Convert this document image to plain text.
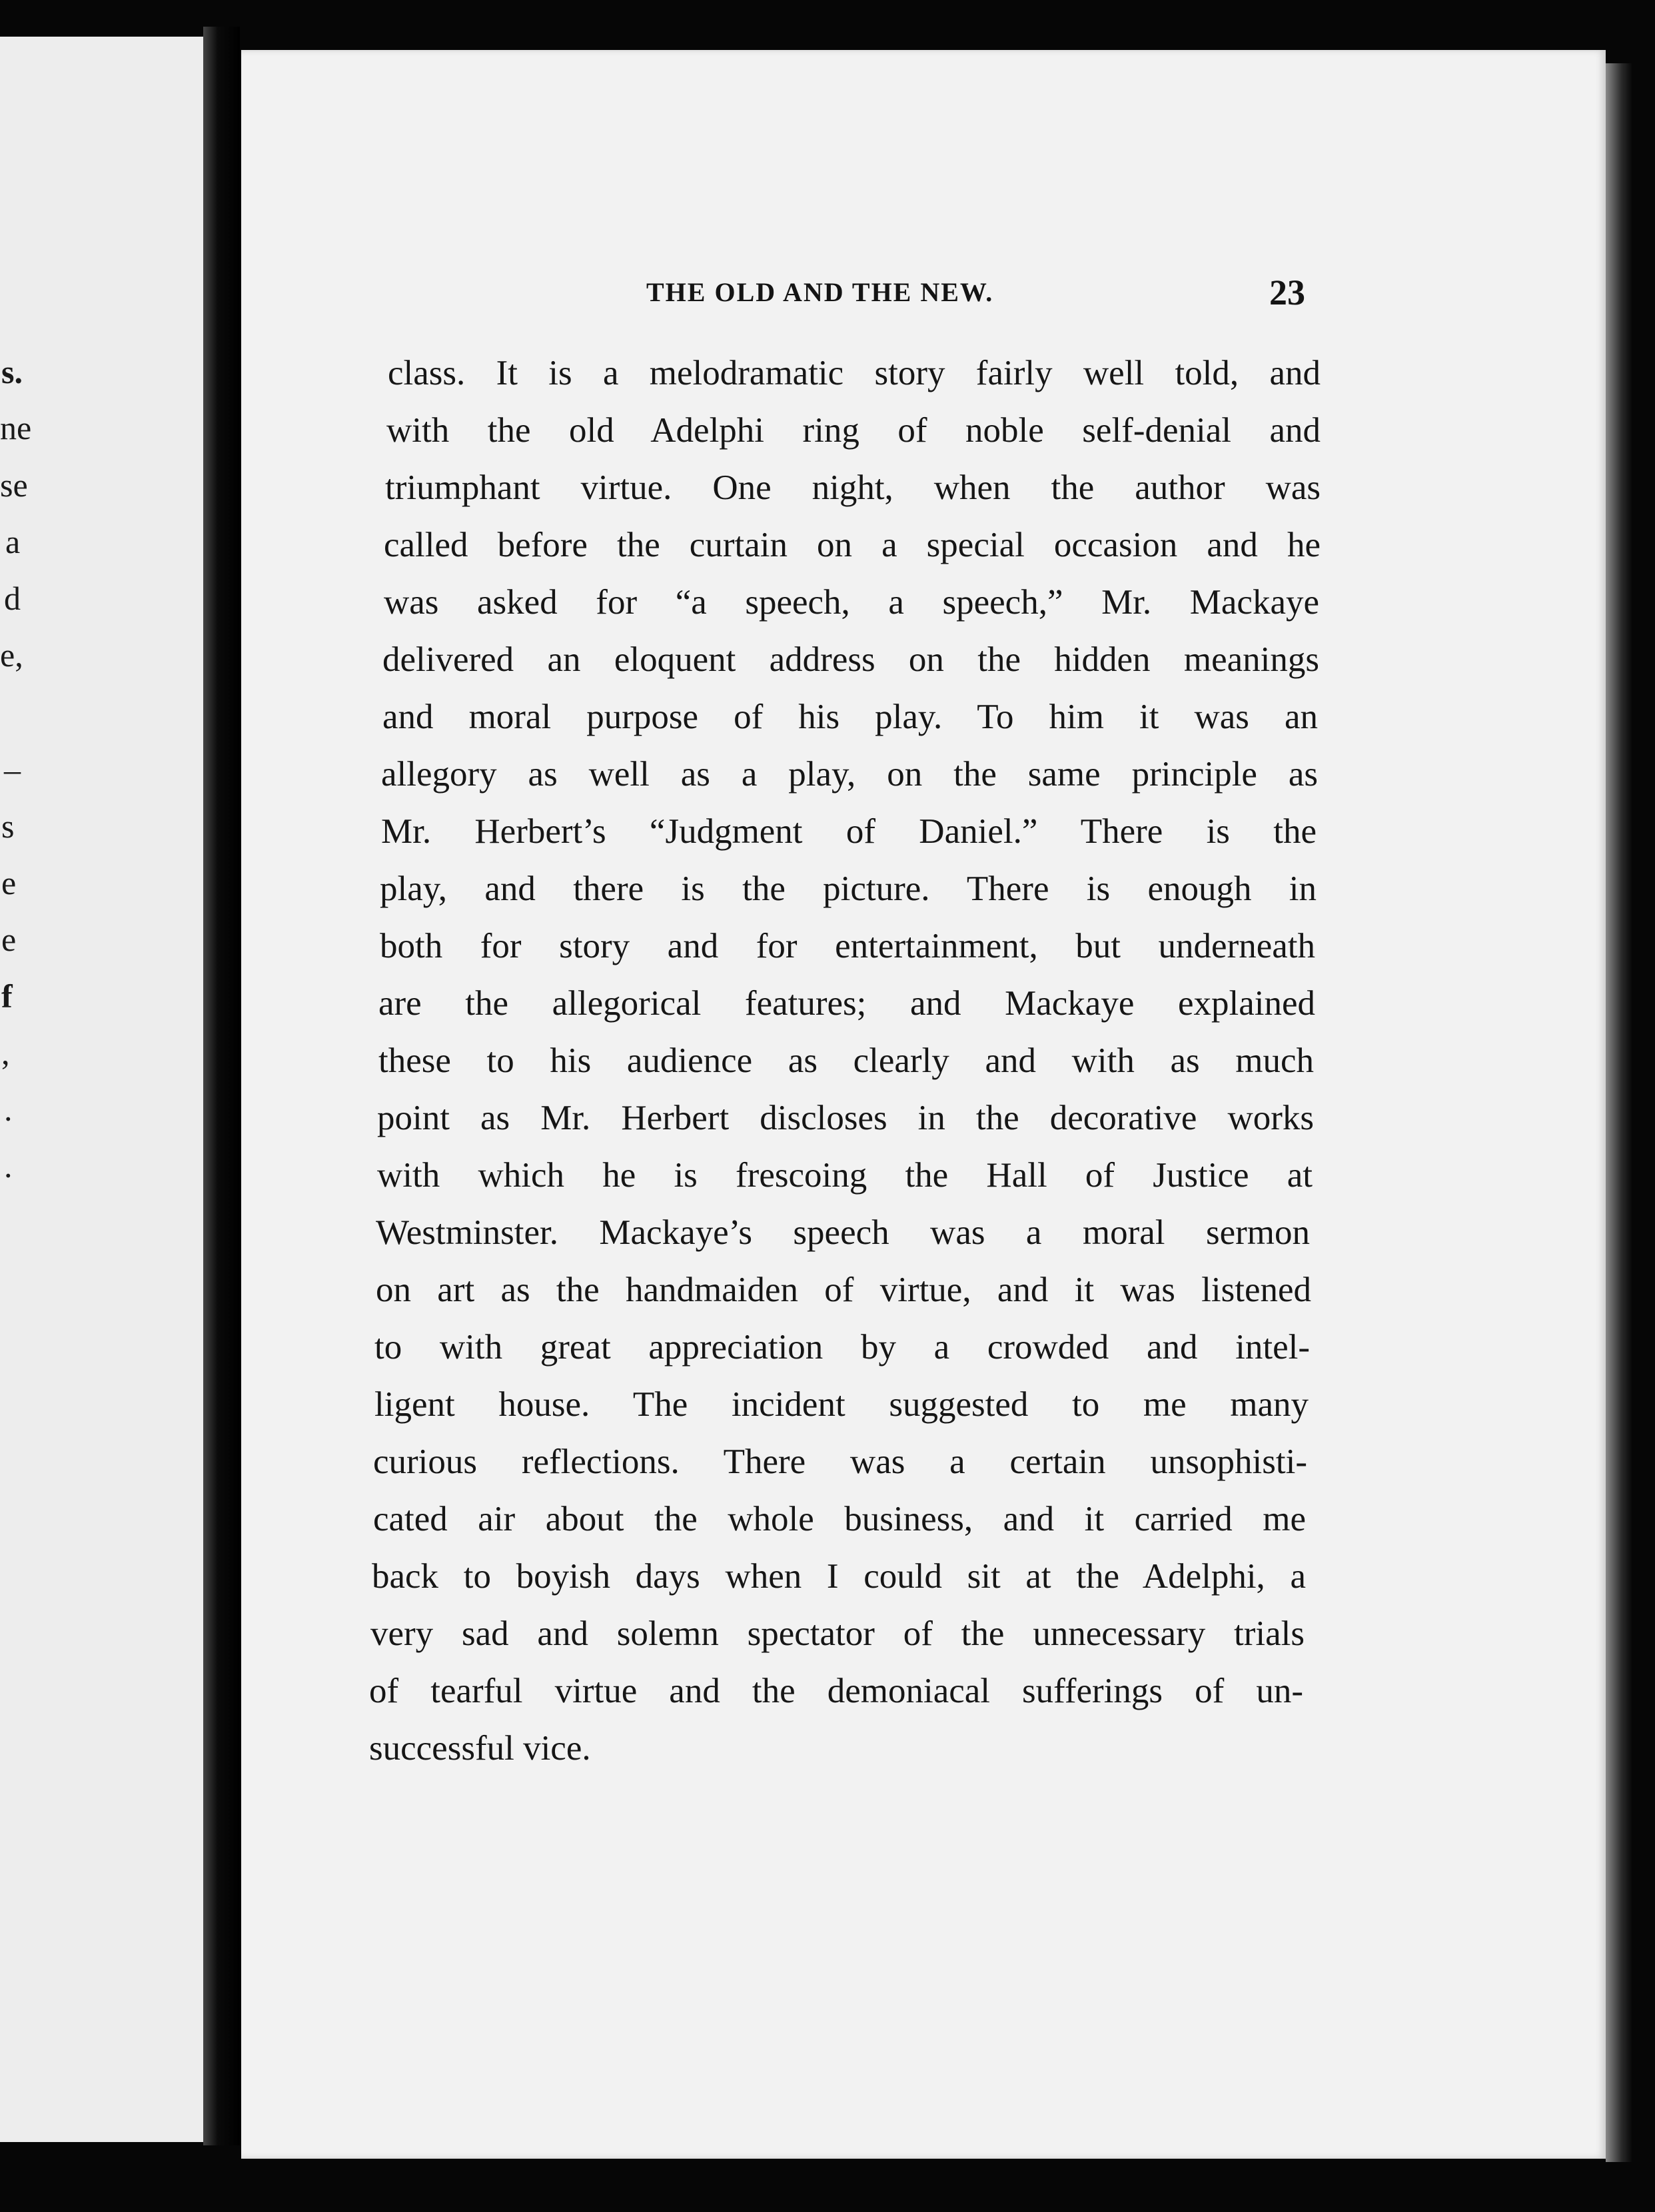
s.
ne
se
a
d
e,
–
s
e
e
f
,
.
.
THE OLD AND THE NEW.	23
class. It is a melodramatic story fairly well told, and
with the old Adelphi ring of noble self-denial and
triumphant virtue. One night, when the author was
called before the curtain on a special occasion and he
was asked for “a speech, a speech,” Mr. Mackaye
delivered an eloquent address on the hidden meanings
and moral purpose of his play. To him it was an
allegory as well as a play, on the same principle as
Mr. Herbert’s “Judgment of Daniel.” There is the
play, and there is the picture. There is enough in
both for story and for entertainment, but underneath
are the allegorical features; and Mackaye explained
these to his audience as clearly and with as much
point as Mr. Herbert discloses in the decorative works
with which he is frescoing the Hall of Justice at
Westminster. Mackaye’s speech was a moral sermon
on art as the handmaiden of virtue, and it was listened
to with great appreciation by a crowded and intel-
ligent house. The incident suggested to me many
curious reflections. There was a certain unsophisti-
cated air about the whole business, and it carried me
back to boyish days when I could sit at the Adelphi, a
very sad and solemn spectator of the unnecessary trials
of tearful virtue and the demoniacal sufferings of un-
successful vice.
